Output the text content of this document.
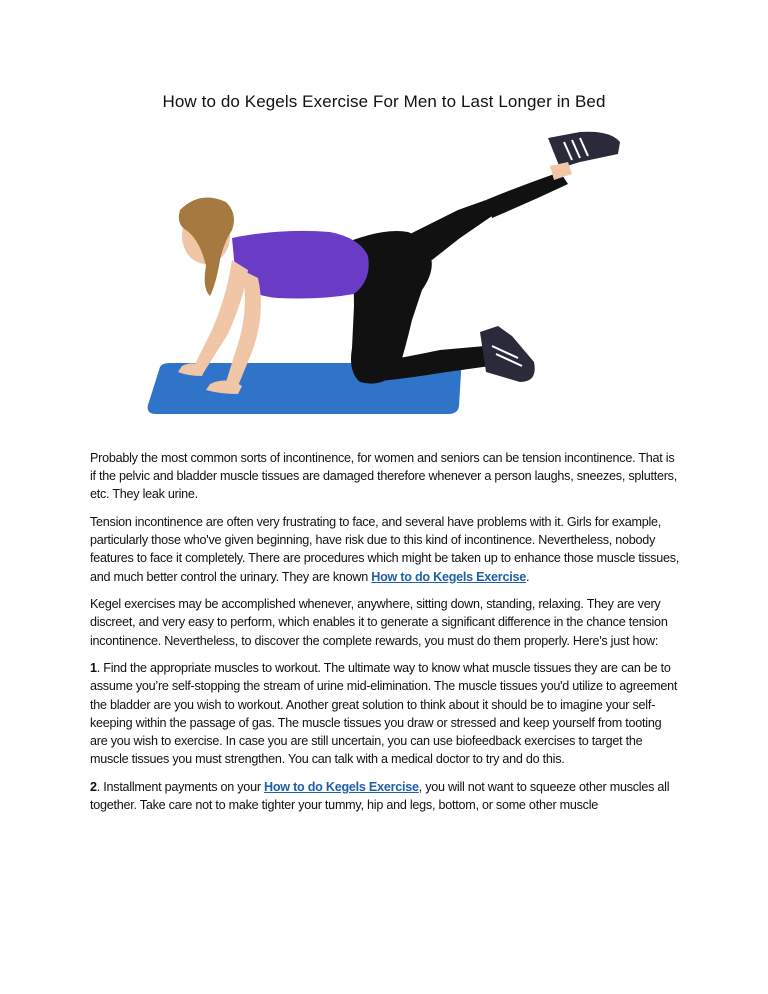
How to do Kegels Exercise For Men to Last Longer in Bed

Probably the most common sorts of incontinence, for women and seniors can be tension incontinence. That is if the pelvic and bladder muscle tissues are damaged therefore whenever a person laughs, sneezes, splutters, etc. They leak urine.

Tension incontinence are often very frustrating to face, and several have problems with it. Girls for example, particularly those who've given beginning, have risk due to this kind of incontinence. Nevertheless, nobody features to face it completely. There are procedures which might be taken up to enhance those muscle tissues, and much better control the urinary. They are known How to do Kegels Exercise.

Kegel exercises may be accomplished whenever, anywhere, sitting down, standing, relaxing. They are very discreet, and very easy to perform, which enables it to generate a significant difference in the chance tension incontinence. Nevertheless, to discover the complete rewards, you must do them properly. Here's just how:

1. Find the appropriate muscles to workout. The ultimate way to know what muscle tissues they are can be to assume you’re self-stopping the stream of urine mid-elimination. The muscle tissues you'd utilize to agreement the bladder are you wish to workout. Another great solution to think about it should be to imagine your self-keeping within the passage of gas. The muscle tissues you draw or stressed and keep yourself from tooting are you wish to exercise. In case you are still uncertain, you can use biofeedback exercises to target the muscle tissues you must strengthen. You can talk with a medical doctor to try and do this.

2. Installment payments on your How to do Kegels Exercise, you will not want to squeeze other muscles all together. Take care not to make tighter your tummy, hip and legs, bottom, or some other muscle
